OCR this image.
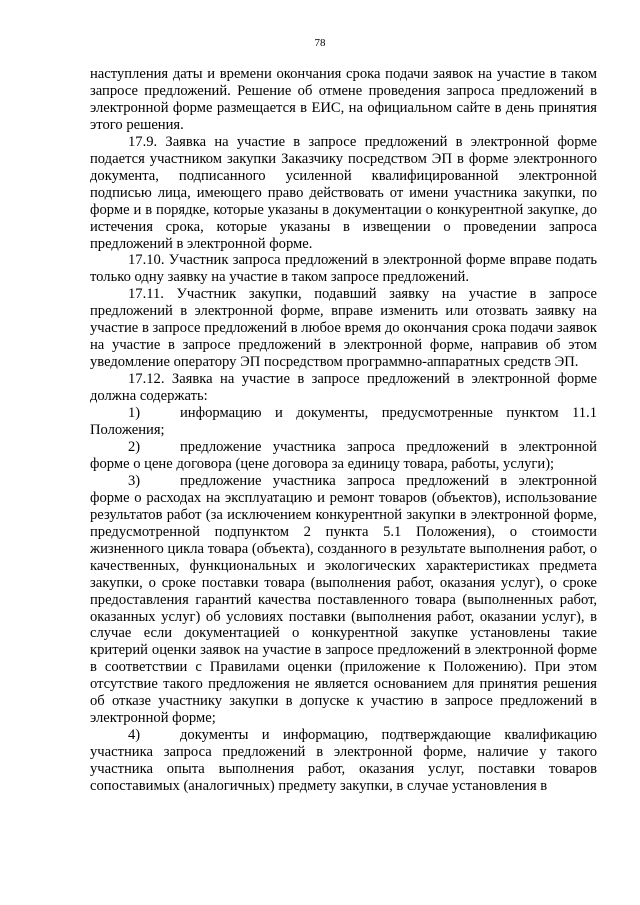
78

наступления даты и времени окончания срока подачи заявок на участие в таком запросе предложений. Решение об отмене проведения запроса предложений в электронной форме размещается в ЕИС, на официальном сайте в день принятия этого решения.

17.9. Заявка на участие в запросе предложений в электронной форме подается участником закупки Заказчику посредством ЭП в форме электронного документа, подписанного усиленной квалифицированной электронной подписью лица, имеющего право действовать от имени участника закупки, по форме и в порядке, которые указаны в документации о конкурентной закупке, до истечения срока, которые указаны в извещении о проведении запроса предложений в электронной форме.

17.10. Участник запроса предложений в электронной форме вправе подать только одну заявку на участие в таком запросе предложений.

17.11. Участник закупки, подавший заявку на участие в запросе предложений в электронной форме, вправе изменить или отозвать заявку на участие в запросе предложений в любое время до окончания срока подачи заявок на участие в запросе предложений в электронной форме, направив об этом уведомление оператору ЭП посредством программно-аппаратных средств ЭП.

17.12. Заявка на участие в запросе предложений в электронной форме должна содержать:

1)	информацию и документы, предусмотренные пунктом 11.1 Положения;

2)	предложение участника запроса предложений в электронной форме о цене договора (цене договора за единицу товара, работы, услуги);

3)	предложение участника запроса предложений в электронной форме о расходах на эксплуатацию и ремонт товаров (объектов), использование результатов работ (за исключением конкурентной закупки в электронной форме, предусмотренной подпунктом 2 пункта 5.1 Положения), о стоимости жизненного цикла товара (объекта), созданного в результате выполнения работ, о качественных, функциональных и экологических характеристиках предмета закупки, о сроке поставки товара (выполнения работ, оказания услуг), о сроке предоставления гарантий качества поставленного товара (выполненных работ, оказанных услуг) об условиях поставки (выполнения работ, оказании услуг), в случае если документацией о конкурентной закупке установлены такие критерий оценки заявок на участие в запросе предложений в электронной форме в соответствии с Правилами оценки (приложение к Положению). При этом отсутствие такого предложения не является основанием для принятия решения об отказе участнику закупки в допуске к участию в запросе предложений в электронной форме;

4)	документы и информацию, подтверждающие квалификацию участника запроса предложений в электронной форме, наличие у такого участника опыта выполнения работ, оказания услуг, поставки товаров сопоставимых (аналогичных) предмету закупки, в случае установления в
